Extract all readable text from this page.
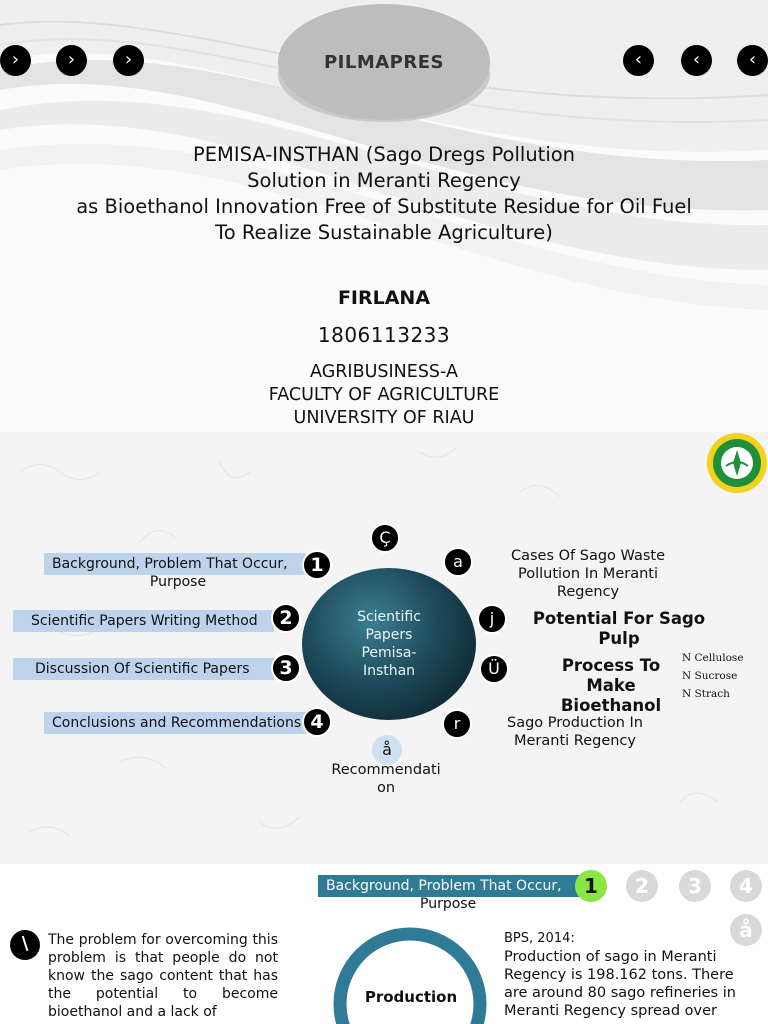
›	›	›	‹	‹	‹
PILMAPRES
PEMISA-INSTHAN (Sago Dregs Pollution
Solution in Meranti Regency
as Bioethanol Innovation Free of Substitute Residue for Oil Fuel
To Realize Sustainable Agriculture)
FIRLANA
1806113233
AGRIBUSINESS-A
FACULTY OF AGRICULTURE
UNIVERSITY OF RIAU
Scientific
Papers
Pemisa-
Insthan
Background, Problem That Occur,
Purpose
Scientific Papers Writing Method
Discussion Of Scientific Papers
Conclusions and Recommendations
1
2
3
4
Ç
a
j
Ü
r
Cases Of Sago Waste
Pollution In Meranti
Regency
Potential For Sago Pulp
Process To
Make Bioethanol
N Cellulose
N Sucrose
N Strach
Sago Production In
Meranti Regency
å
Recommendati
on
Background, Problem That Occur,
Purpose
1	2	3	4
å
\	The problem for overcoming this problem is that people do not know the sago content that has the potential to become bioethanol and a lack of
Production
BPS, 2014:
Production of sago in Meranti Regency is 198.162 tons. There are around 80 sago refineries in Meranti Regency spread over
